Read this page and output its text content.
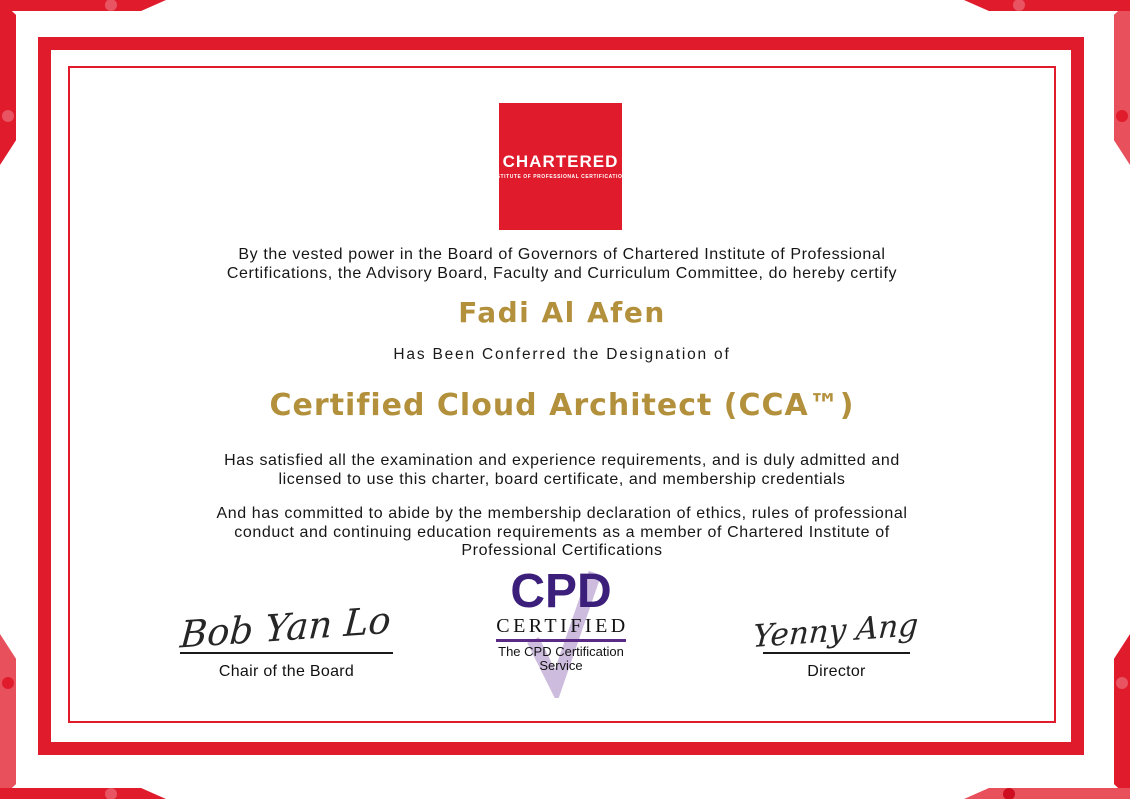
CHARTERED
INSTITUTE OF PROFESSIONAL CERTIFICATIONS
By the vested power in the Board of Governors of Chartered Institute of Professional
Certifications, the Advisory Board, Faculty and Curriculum Committee, do hereby certify
Fadi Al Afen
Has Been Conferred the Designation of
Certified Cloud Architect (CCA™)
Has satisfied all the examination and experience requirements, and is duly admitted and
licensed to use this charter, board certificate, and membership credentials
And has committed to abide by the membership declaration of ethics, rules of professional
conduct and continuing education requirements as a member of Chartered Institute of
Professional Certifications
Bob Yan Lo
Chair of the Board
CPD
CERTIFIED
The CPD Certification
Service
Yenny Ang
Director
